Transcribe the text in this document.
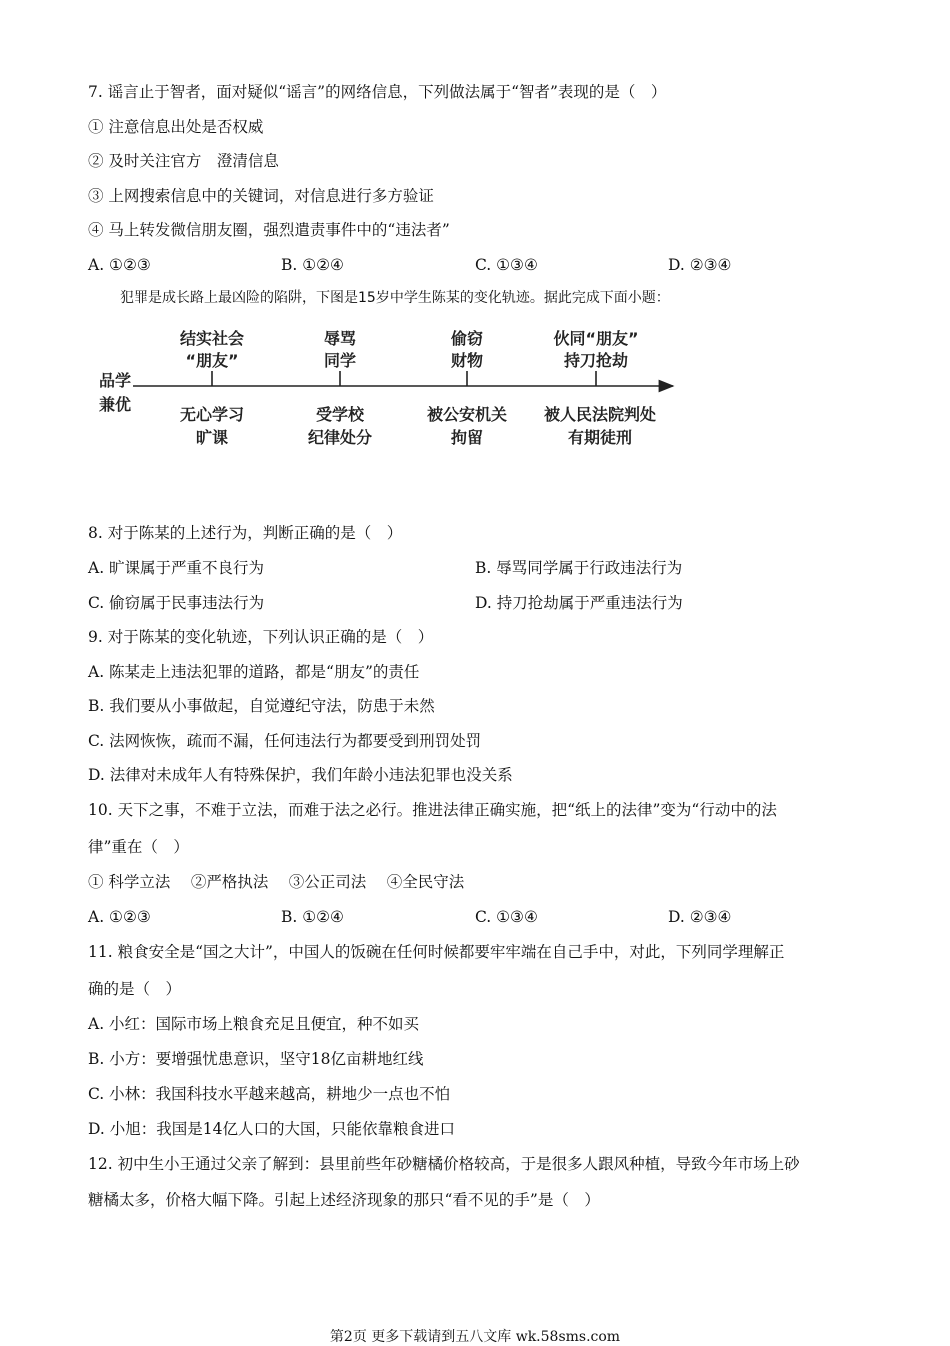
7. 谣言止于智者，面对疑似“谣言”的网络信息，下列做法属于“智者”表现的是（　）
① 注意信息出处是否权威
② 及时关注官方　澄清信息
③ 上网搜索信息中的关键词，对信息进行多方验证
④ 马上转发微信朋友圈，强烈遣责事件中的“违法者”
A. ①②③	B. ①②④	C. ①③④	D. ②③④
犯罪是成长路上最凶险的陷阱，下图是15岁中学生陈某的变化轨迹。据此完成下面小题：
品学
兼优
结实社会
“朋友”
辱骂
同学
偷窃
财物
伙同“朋友”
持刀抢劫
无心学习
旷课
受学校
纪律处分
被公安机关
拘留
被人民法院判处
有期徒刑
8. 对于陈某的上述行为，判断正确的是（　）
A. 旷课属于严重不良行为	B. 辱骂同学属于行政违法行为
C. 偷窃属于民事违法行为	D. 持刀抢劫属于严重违法行为
9. 对于陈某的变化轨迹，下列认识正确的是（　）
A. 陈某走上违法犯罪的道路，都是“朋友”的责任
B. 我们要从小事做起，自觉遵纪守法，防患于未然
C. 法网恢恢，疏而不漏，任何违法行为都要受到刑罚处罚
D. 法律对未成年人有特殊保护，我们年龄小违法犯罪也没关系
10. 天下之事，不难于立法，而难于法之必行。推进法律正确实施，把“纸上的法律”变为“行动中的法
律”重在（　）
① 科学立法　 ②严格执法　 ③公正司法　 ④全民守法
A. ①②③	B. ①②④	C. ①③④	D. ②③④
11. 粮食安全是“国之大计”，中国人的饭碗在任何时候都要牢牢端在自己手中，对此，下列同学理解正
确的是（　）
A. 小红：国际市场上粮食充足且便宜，种不如买
B. 小方：要增强忧患意识，坚守18亿亩耕地红线
C. 小林：我国科技水平越来越高，耕地少一点也不怕
D. 小旭：我国是14亿人口的大国，只能依靠粮食进口
12. 初中生小王通过父亲了解到：县里前些年砂糖橘价格较高，于是很多人跟风种植，导致今年市场上砂
糖橘太多，价格大幅下降。引起上述经济现象的那只“看不见的手”是（　）
第2页 更多下载请到五八文库 wk.58sms.com
